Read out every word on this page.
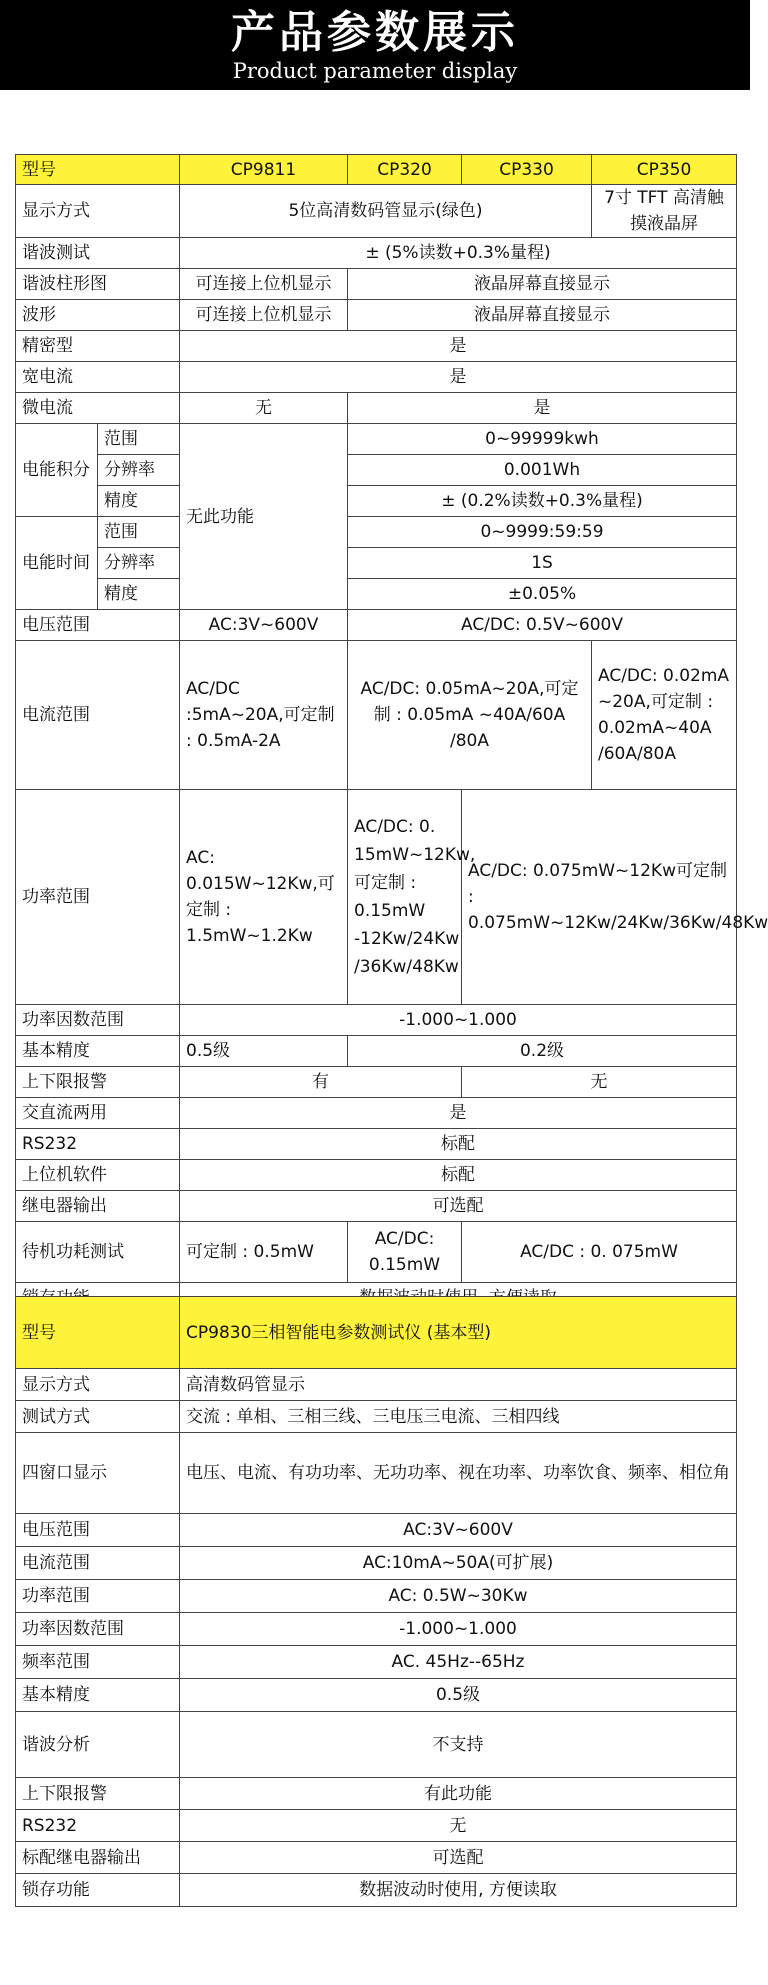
产品参数展示
Product parameter display
型号		CP9811	CP320	CP330	CP350
显示方式		5位高清数码管显示(绿色)			7寸 TFT 高清触摸液晶屏
谐波测试		± (5%读数+0.3%量程)			
谐波柱形图		可连接上位机显示	液晶屏幕直接显示		
波形		可连接上位机显示	液晶屏幕直接显示		
精密型		是			
宽电流		是			
微电流		无	是		
电能积分	范围	无此功能	0~99999kwh		
	分辨率		0.001Wh		
	精度		± (0.2%读数+0.3%量程)		
电能时间	范围		0~9999:59:59		
	分辨率		1S		
	精度		±0.05%		
电压范围		AC:3V~600V	AC/DC: 0.5V~600V		
电流范围		AC/DC :5mA~20A,可定制 : 0.5mA-2A	AC/DC: 0.05mA~20A,可定制 : 0.05mA ~40A/60A /80A		AC/DC: 0.02mA ~20A,可定制 : 0.02mA~40A /60A/80A
功率范围		AC: 0.015W~12Kw,可定制 : 1.5mW~1.2Kw	AC/DC: 0. 15mW~12Kw,可定制 : 0.15mW -12Kw/24Kw /36Kw/48Kw	AC/DC: 0.075mW~12Kw可定制 : 0.075mW~12Kw/24Kw/36Kw/48Kw	
功率因数范围		-1.000~1.000			
基本精度		0.5级	0.2级		
上下限报警		有		无	
交直流两用		是			
RS232		标配			
上位机软件		标配			
继电器输出		可选配			
待机功耗测试		可定制 : 0.5mW	AC/DC: 0.15mW	AC/DC : 0. 075mW	

型号	CP9830三相智能电参数测试仪 (基本型)
显示方式	高清数码管显示
测试方式	交流 : 单相、三相三线、三电压三电流、三相四线
四窗口显示	电压、电流、有功功率、无功功率、视在功率、功率饮食、频率、相位角
电压范围	AC:3V~600V
电流范围	AC:10mA~50A(可扩展)
功率范围	AC: 0.5W~30Kw
功率因数范围	-1.000~1.000
频率范围	AC. 45Hz--65Hz
基本精度	0.5级
谐波分析	不支持
上下限报警	有此功能
RS232	无
标配继电器输出	可选配
锁存功能	数据波动时使用, 方便读取
